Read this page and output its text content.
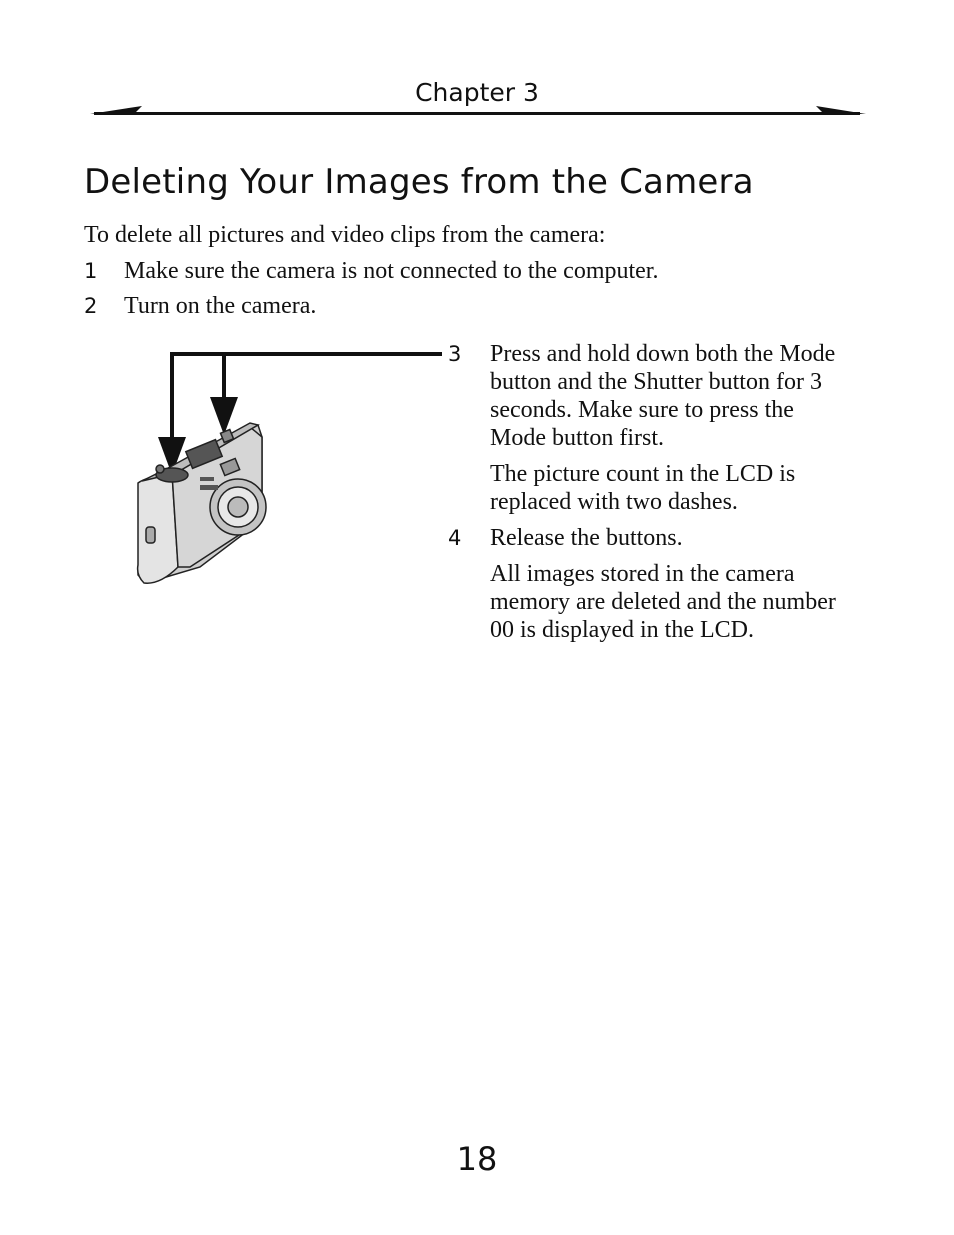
Chapter 3
Deleting Your Images from the Camera
To delete all pictures and video clips from the camera:
1 Make sure the camera is not connected to the computer.
2 Turn on the camera.
3 Press and hold down both the Mode button and the Shutter button for 3 seconds. Make sure to press the Mode button first.
The picture count in the LCD is replaced with two dashes.
4 Release the buttons.
All images stored in the camera memory are deleted and the number 00 is displayed in the LCD.
18
